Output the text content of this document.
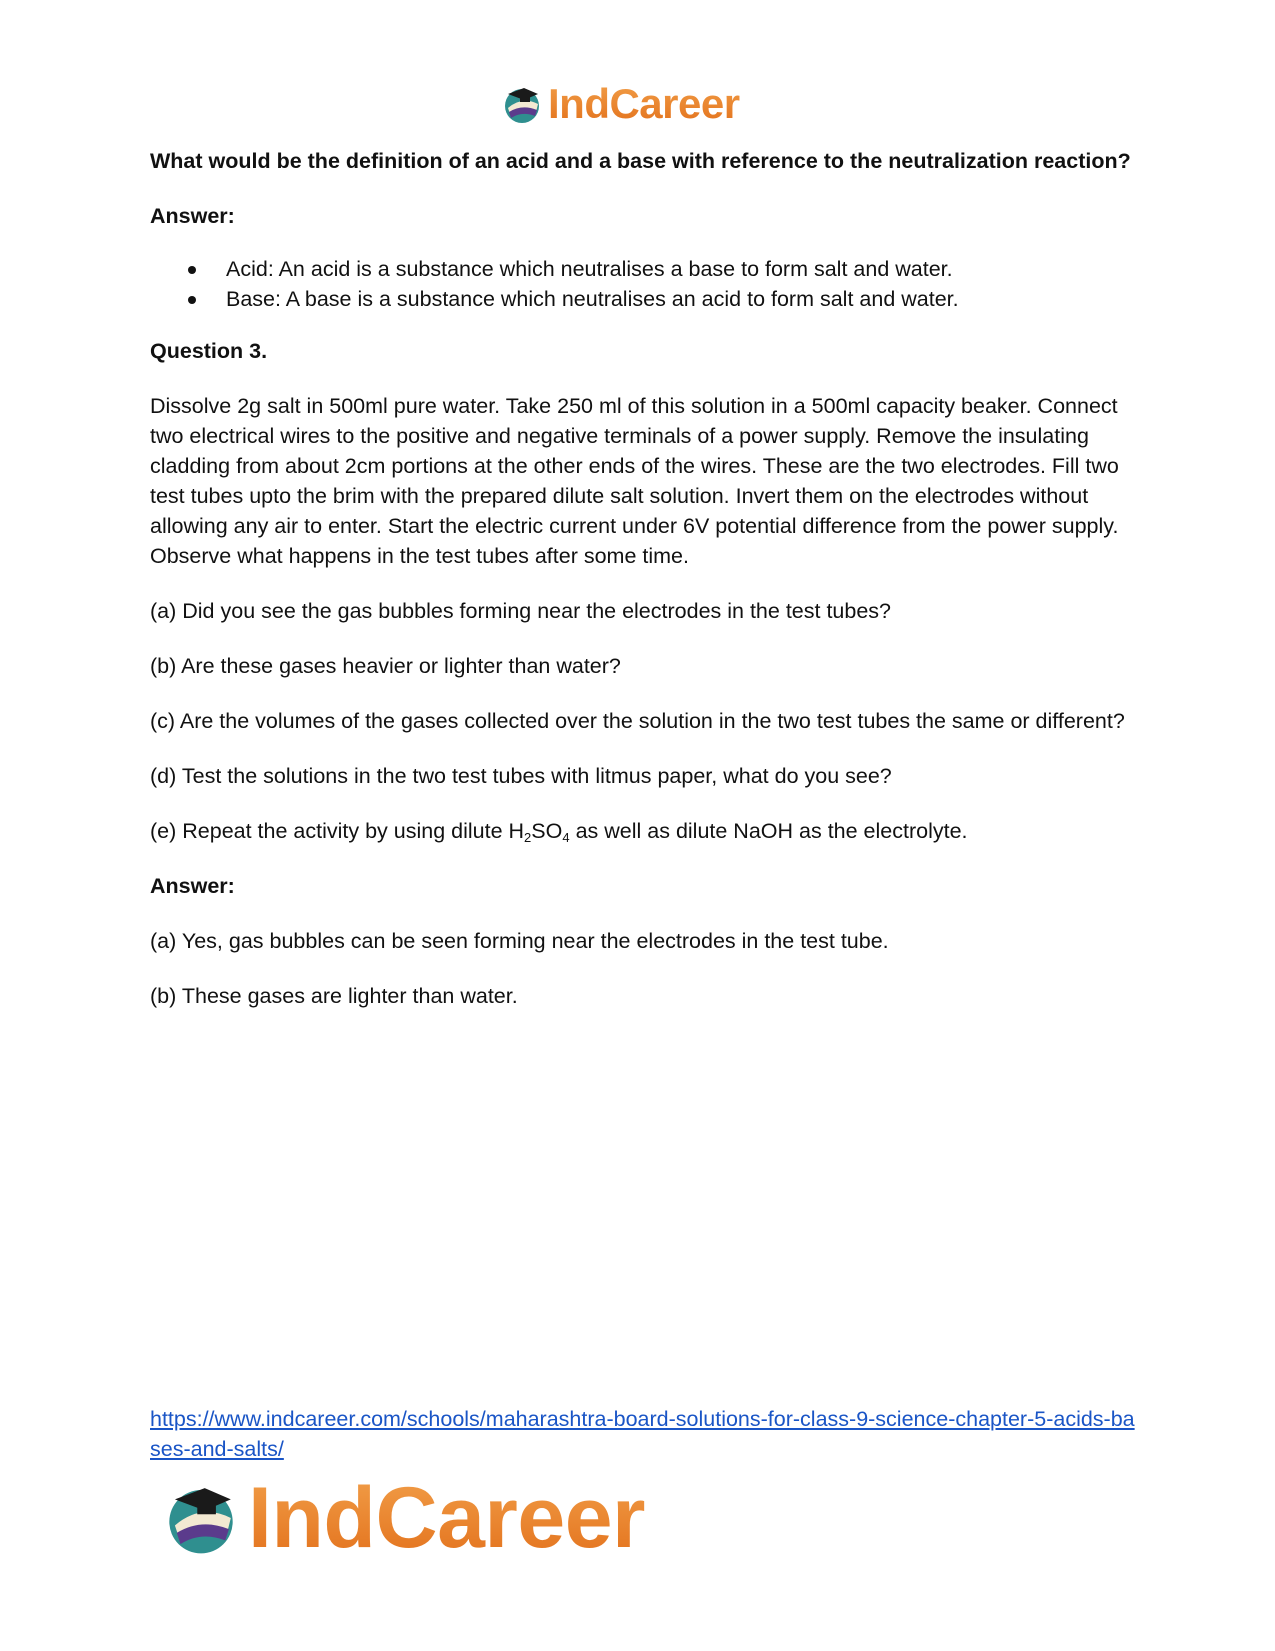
IndCareer

What would be the definition of an acid and a base with reference to the neutralization reaction?

Answer:

Acid: An acid is a substance which neutralises a base to form salt and water.
Base: A base is a substance which neutralises an acid to form salt and water.

Question 3.

Dissolve 2g salt in 500ml pure water. Take 250 ml of this solution in a 500ml capacity beaker. Connect two electrical wires to the positive and negative terminals of a power supply. Remove the insulating cladding from about 2cm portions at the other ends of the wires. These are the two electrodes. Fill two test tubes upto the brim with the prepared dilute salt solution. Invert them on the electrodes without allowing any air to enter. Start the electric current under 6V potential difference from the power supply. Observe what happens in the test tubes after some time.

(a) Did you see the gas bubbles forming near the electrodes in the test tubes?

(b) Are these gases heavier or lighter than water?

(c) Are the volumes of the gases collected over the solution in the two test tubes the same or different?

(d) Test the solutions in the two test tubes with litmus paper, what do you see?

(e) Repeat the activity by using dilute $H_2SO_4$ as well as dilute NaOH as the electrolyte.

Answer:

(a) Yes, gas bubbles can be seen forming near the electrodes in the test tube.

(b) These gases are lighter than water.

https://www.indcareer.com/schools/maharashtra-board-solutions-for-class-9-science-chapter-5-acids-bases-and-salts/
IndCareer
